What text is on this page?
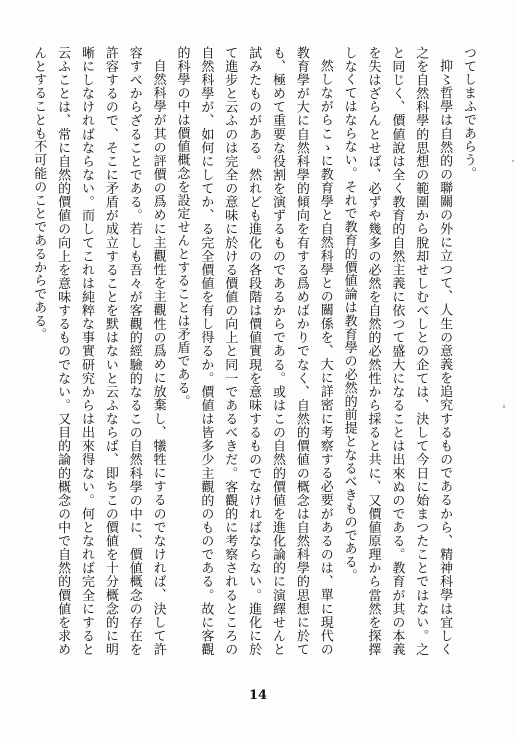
つてしまふであらう。

抑〻哲學は自然的の聯關の外に立つて、人生の意義を追究するものであるから、精神科學は宜しく之を自然科學的思想の範圍から脫却せしむべしとの企ては、決して今日に始まつたことではない。之と同じく、價値說は全く教育的自然主義に依つて盛大になることは出來ぬのである。教育が其の本義を失はざらんとせば、必ずや幾多の必然を自然的必然性から採ると共に、又價値原理から當然を探擇しなくてはならない。それで教育的價値論は教育學の必然的前提となるべきものである。

然しながらこゝに教育學と自然科學との關係を、大に詳密に考察する必要があるのは、單に現代の教育學が大に自然科學的傾向を有する爲めばかりでなく、自然的價値の概念は自然科學的思想に於ても、極めて重要な役割を演ずるものであるからである。或はこの自然的價値を進化論的に演繹せんと試みたものがある。然れども進化の各段階は價値實現を意味するものでなければならない。進化に於て進步と云ふのは完全の意味に於ける價値の向上と同一であるべきだ。客觀的に考察されるところの自然科學が、如何にしてか、る完全價値を有し得るか。價値は皆多少主觀的のものである。故に客觀的科學の中は價値概念を設定せんとすることは矛盾である。

自然科學が其の評價の爲めに主觀性を主觀性の爲めに放棄し、犧牲にするのでなければ、決して許容すべからざることである。若しも吾々が客觀的經驗的なるこの自然科學の中に、價値概念の存在を許容するので、そこに矛盾が成立することを默はないと云ふならば、即ちこの價値を十分概念的に明晰にしなければならない。而してこれは純粹な事實研究からは出來得ない。何となれば完全にすると云ふことは、常に自然的價値の向上を意味するものでない。又目的論的概念の中で自然的價値を求めんとすることも不可能のことであるからである。

14
